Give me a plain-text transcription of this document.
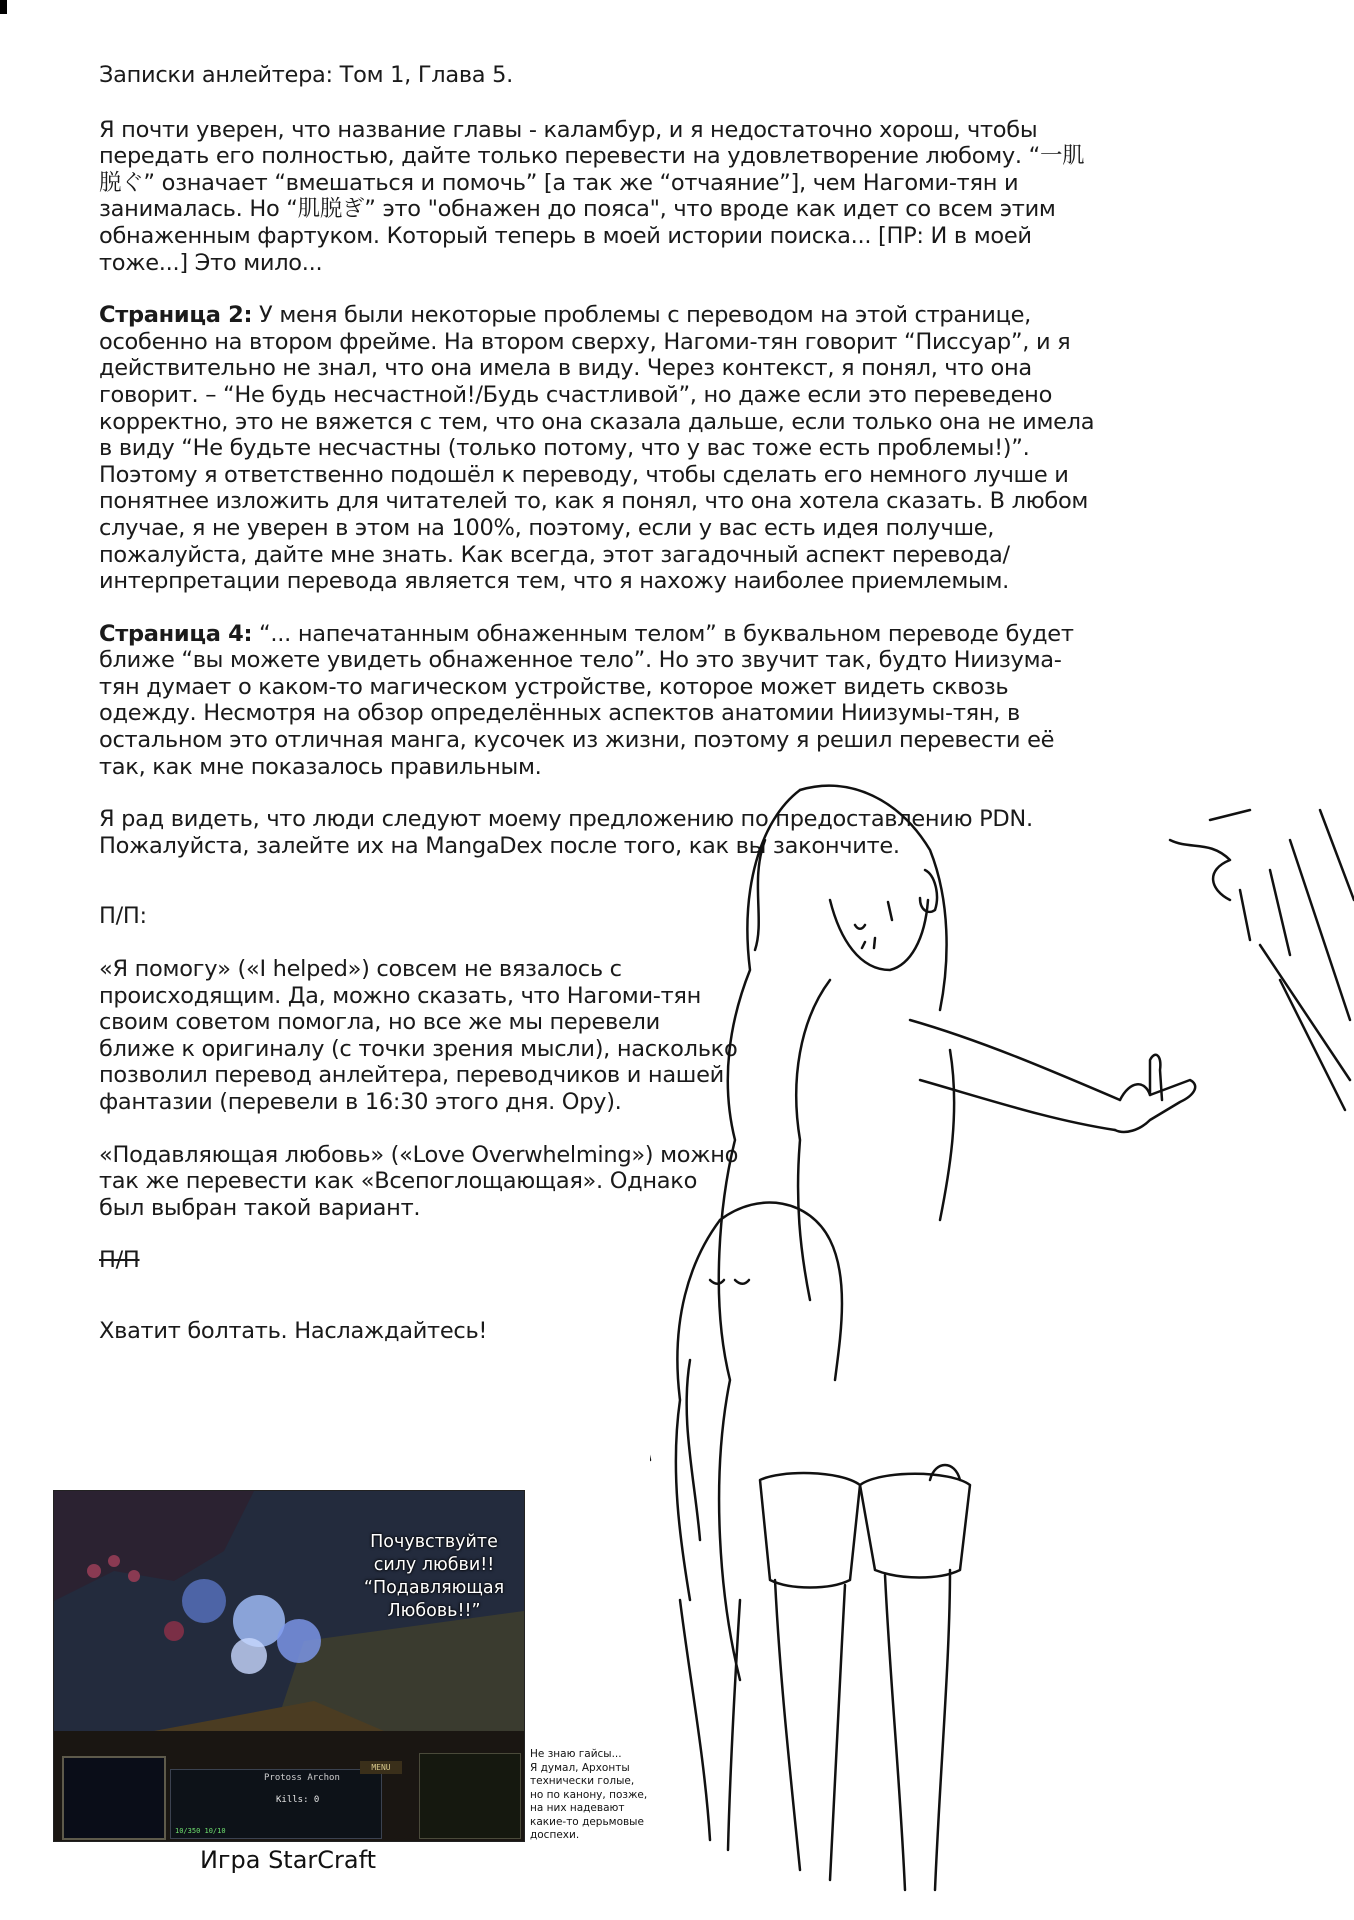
Записки анлейтера: Том 1, Глава 5.

Я почти уверен, что название главы - каламбур, и я недостаточно хорош, чтобы передать его полностью, дайте только перевести на удовлетворение любому. “一肌脱ぐ” означает “вмешаться и помочь” [а так же “отчаяние”], чем Нагоми-тян и занималась. Но “肌脱ぎ” это "обнажен до пояса", что вроде как идет со всем этим обнаженным фартуком. Который теперь в моей истории поиска... [ПР: И в моей тоже...] Это мило...

Страница 2: У меня были некоторые проблемы с переводом на этой странице, особенно на втором фрейме. На втором сверху, Нагоми-тян говорит “Писсуар”, и я действительно не знал, что она имела в виду. Через контекст, я понял, что она говорит. – “Не будь несчастной!/Будь счастливой”, но даже если это переведено корректно, это не вяжется с тем, что она сказала дальше, если только она не имела в виду “Не будьте несчастны (только потому, что у вас тоже есть проблемы!)”. Поэтому я ответственно подошёл к переводу, чтобы сделать его немного лучше и понятнее изложить для читателей то, как я понял, что она хотела сказать. В любом случае, я не уверен в этом на 100%, поэтому, если у вас есть идея получше, пожалуйста, дайте мне знать. Как всегда, этот загадочный аспект перевода/интерпретации перевода является тем, что я нахожу наиболее приемлемым.

Страница 4: “... напечатанным обнаженным телом” в буквальном переводе будет ближе “вы можете увидеть обнаженное тело”. Но это звучит так, будто Ниизума-тян думает о каком-то магическом устройстве, которое может видеть сквозь одежду. Несмотря на обзор определённых аспектов анатомии Ниизумы-тян, в остальном это отличная манга, кусочек из жизни, поэтому я решил перевести её так, как мне показалось правильным.

Я рад видеть, что люди следуют моему предложению по предоставлению PDN. Пожалуйста, залейте их на MangaDex после того, как вы закончите.

П/П:

«Я помогу» («I helped») совсем не вязалось с происходящим. Да, можно сказать, что Нагоми-тян своим советом помогла, но все же мы перевели ближе к оригиналу (с точки зрения мысли), насколько позволил перевод анлейтера, переводчиков и нашей фантазии (перевели в 16:30 этого дня. Ору).

«Подавляющая любовь» («Love Overwhelming») можно так же перевести как «Всепоглощающая». Однако был выбран такой вариант.

П/П

Хватит болтать. Наслаждайтесь!

Почувствуйте
силу любви!!
“Подавляющая
Любовь!!”
Protoss Archon
Kills: 0
10/350 10/10
MENU
Игра StarCraft
Не знаю гайсы...
Я думал, Архонты
технически голые,
но по канону, позже,
на них надевают
какие-то дерьмовые
доспехи.
